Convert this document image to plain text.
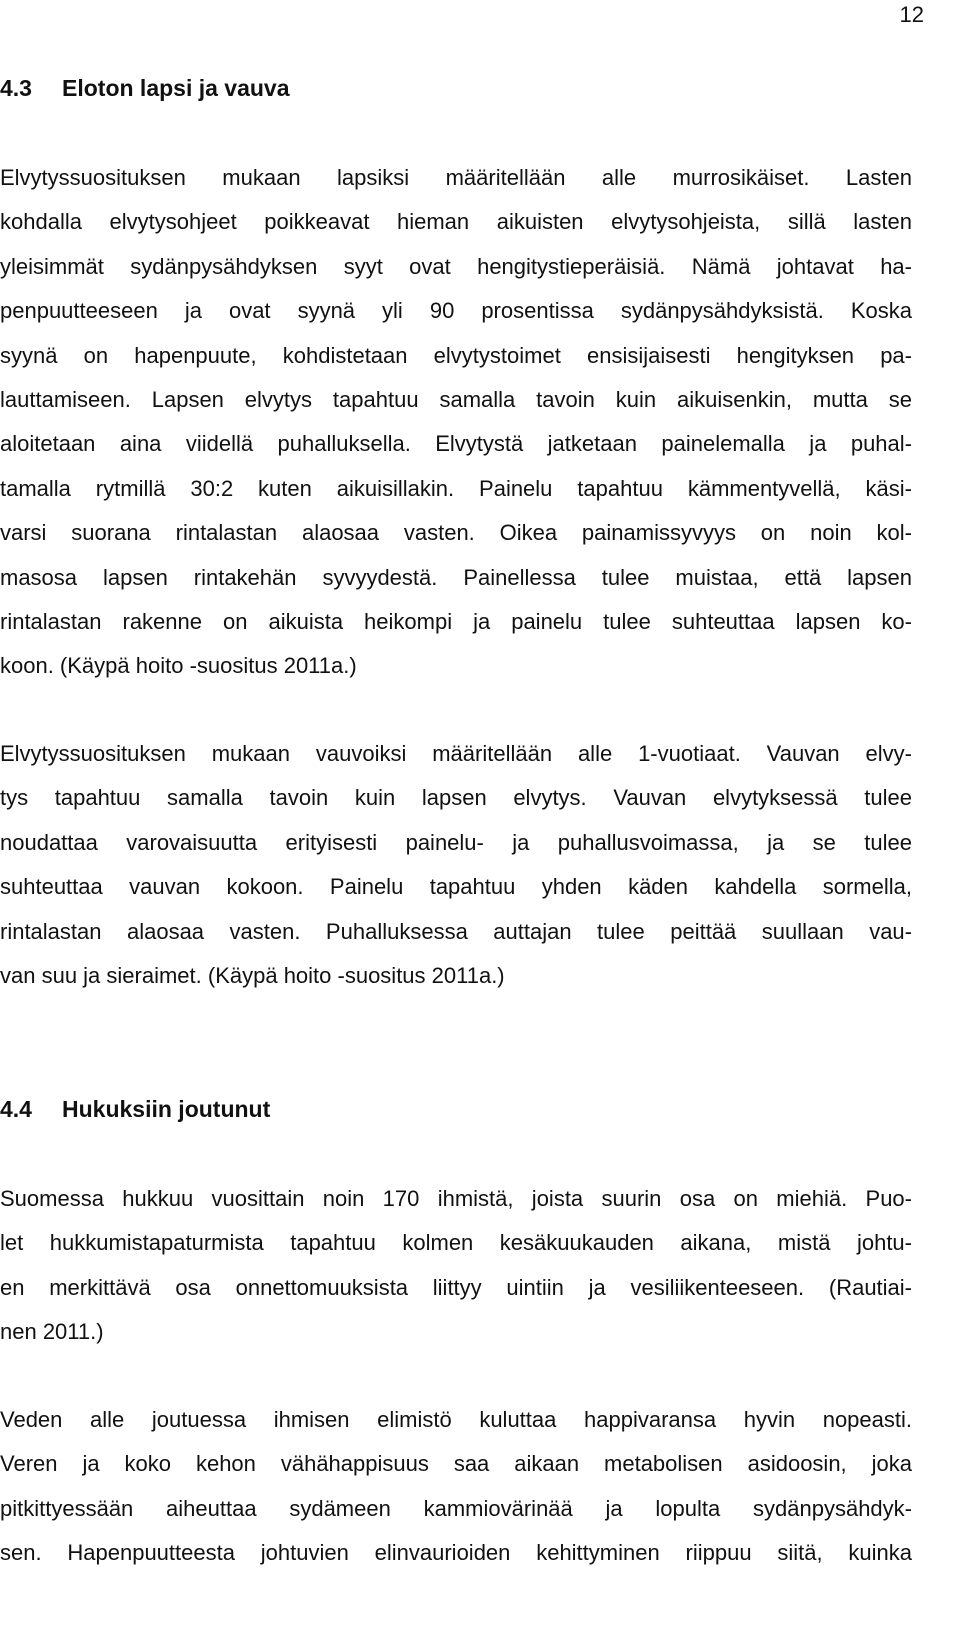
12
4.3 Eloton lapsi ja vauva
Elvytyssuosituksen mukaan lapsiksi määritellään alle murrosikäiset. Lasten
kohdalla elvytysohjeet poikkeavat hieman aikuisten elvytysohjeista, sillä lasten
yleisimmät sydänpysähdyksen syyt ovat hengitystieperäisiä. Nämä johtavat ha-
penpuutteeseen ja ovat syynä yli 90 prosentissa sydänpysähdyksistä. Koska
syynä on hapenpuute, kohdistetaan elvytystoimet ensisijaisesti hengityksen pa-
lauttamiseen. Lapsen elvytys tapahtuu samalla tavoin kuin aikuisenkin, mutta se
aloitetaan aina viidellä puhalluksella. Elvytystä jatketaan painelemalla ja puhal-
tamalla rytmillä 30:2 kuten aikuisillakin. Painelu tapahtuu kämmentyvellä, käsi-
varsi suorana rintalastan alaosaa vasten. Oikea painamissyvyys on noin kol-
masosa lapsen rintakehän syvyydestä. Painellessa tulee muistaa, että lapsen
rintalastan rakenne on aikuista heikompi ja painelu tulee suhteuttaa lapsen ko-
koon. (Käypä hoito -suositus 2011a.)
Elvytyssuosituksen mukaan vauvoiksi määritellään alle 1-vuotiaat. Vauvan elvy-
tys tapahtuu samalla tavoin kuin lapsen elvytys. Vauvan elvytyksessä tulee
noudattaa varovaisuutta erityisesti painelu- ja puhallusvoimassa, ja se tulee
suhteuttaa vauvan kokoon. Painelu tapahtuu yhden käden kahdella sormella,
rintalastan alaosaa vasten. Puhalluksessa auttajan tulee peittää suullaan vau-
van suu ja sieraimet. (Käypä hoito -suositus 2011a.)
4.4 Hukuksiin joutunut
Suomessa hukkuu vuosittain noin 170 ihmistä, joista suurin osa on miehiä. Puo-
let hukkumistapaturmista tapahtuu kolmen kesäkuukauden aikana, mistä johtu-
en merkittävä osa onnettomuuksista liittyy uintiin ja vesiliikenteeseen. (Rautiai-
nen 2011.)
Veden alle joutuessa ihmisen elimistö kuluttaa happivaransa hyvin nopeasti.
Veren ja koko kehon vähähappisuus saa aikaan metabolisen asidoosin, joka
pitkittyessään aiheuttaa sydämeen kammiovärinää ja lopulta sydänpysähdyk-
sen. Hapenpuutteesta johtuvien elinvaurioiden kehittyminen riippuu siitä, kuinka
